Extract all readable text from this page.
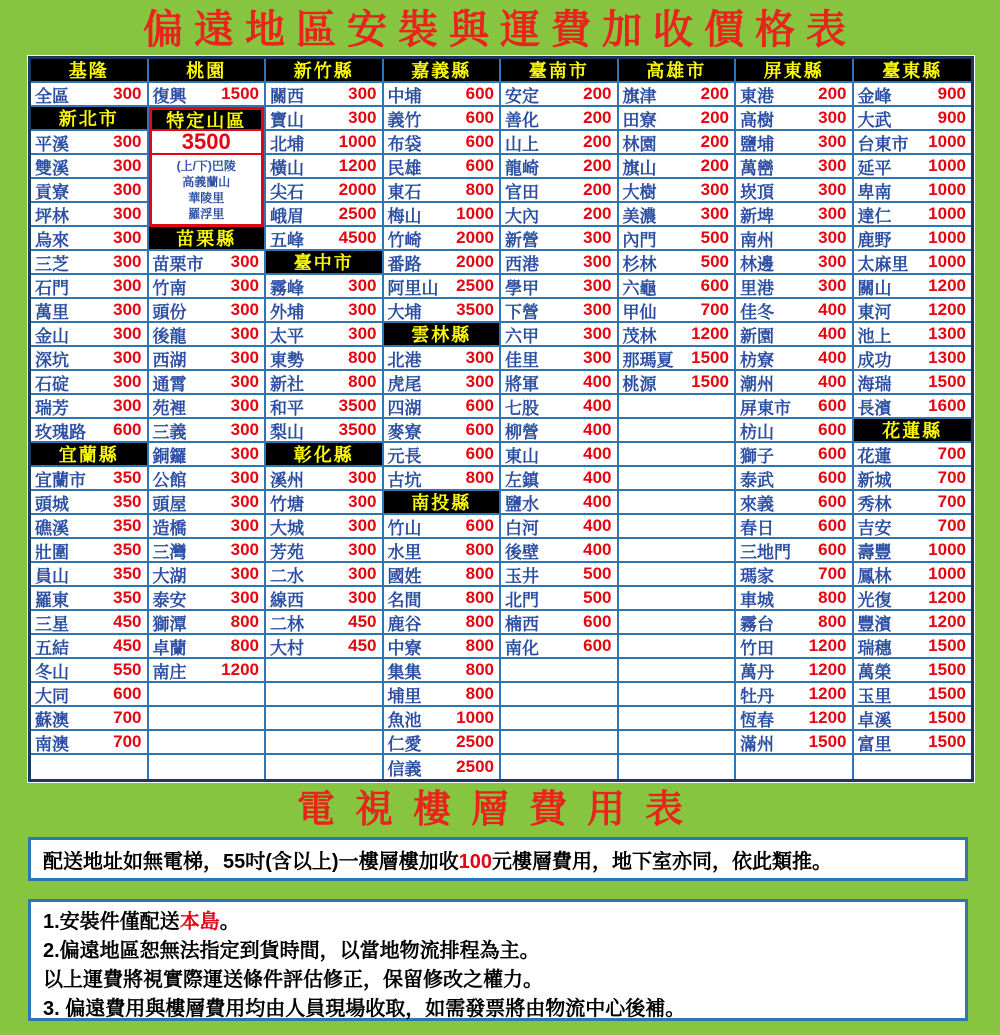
偏遠地區安裝與運費加收價格表
基隆
全區	300
新北市
平溪	300
雙溪	300
貢寮	300
坪林	300
烏來	300
三芝	300
石門	300
萬里	300
金山	300
深坑	300
石碇	300
瑞芳	300
玫瑰路 600
宜蘭縣
宜蘭市 350
頭城	350
礁溪	350
壯圍	350
員山	350
羅東	350
三星	450
五結	450
冬山	550
大同	600
蘇澳	700
南澳	700
桃園
復興 1500
特定山區
3500
(上/下)巴陵
高義蘭山
華陵里
羅浮里
苗栗縣
苗栗市 300
竹南	300
頭份	300
後龍	300
西湖	300
通霄	300
苑裡	300
三義	300
銅鑼	300
公館	300
頭屋	300
造橋	300
三灣	300
大湖	300
泰安	300
獅潭	800
卓蘭	800
南庄 1200
新竹縣
關西	300
寶山	300
北埔 1000
橫山 1200
尖石 2000
峨眉 2500
五峰 4500
臺中市
霧峰	300
外埔	300
太平	300
東勢	800
新社	800
和平 3500
梨山 3500
彰化縣
溪州	300
竹塘	300
大城	300
芳苑	300
二水	300
線西	300
二林	450
大村	450
嘉義縣
中埔	600
義竹	600
布袋	600
民雄	600
東石	800
梅山 1000
竹崎 2000
番路 2000
阿里山 2500
大埔 3500
雲林縣
北港	300
虎尾	300
四湖	600
麥寮	600
元長	600
古坑	800
南投縣
竹山	600
水里	800
國姓	800
名間	800
鹿谷	800
中寮	800
集集	800
埔里	800
魚池 1000
仁愛 2500
信義 2500
臺南市
安定	200
善化	200
山上	200
龍崎	200
官田	200
大內	200
新營	300
西港	300
學甲	300
下營	300
六甲	300
佳里	300
將軍	400
七股	400
柳營	400
東山	400
左鎮	400
鹽水	400
白河	400
後壁	400
玉井	500
北門	500
楠西	600
南化	600
高雄市
旗津	200
田寮	200
林園	200
旗山	200
大樹	300
美濃	300
內門	500
杉林	500
六龜	600
甲仙	700
茂林 1200
那瑪夏 1500
桃源 1500
屏東縣
東港	200
高樹	300
鹽埔	300
萬巒	300
崁頂	300
新埤	300
南州	300
林邊	300
里港	300
佳冬	400
新園	400
枋寮	400
潮州	400
屏東市 600
枋山	600
獅子	600
泰武	600
來義	600
春日	600
三地門 600
瑪家	700
車城	800
霧台	800
竹田 1200
萬丹 1200
牡丹 1200
恆春 1200
滿州 1500
臺東縣
金峰	900
大武	900
台東市 1000
延平 1000
卑南 1000
達仁 1000
鹿野 1000
太麻里 1000
關山 1200
東河 1200
池上 1300
成功 1300
海瑞 1500
長濱 1600
花蓮縣
花蓮	700
新城	700
秀林	700
吉安	700
壽豐 1000
鳳林 1000
光復 1200
豐濱 1200
瑞穗 1500
萬榮 1500
玉里 1500
卓溪 1500
富里 1500
電視樓層費用表
配送地址如無電梯，55吋(含以上)一樓層樓加收100元樓層費用，地下室亦同，依此類推。
1.安裝件僅配送本島。
2.偏遠地區恕無法指定到貨時間，以當地物流排程為主。
以上運費將視實際運送條件評估修正，保留修改之權力。
3. 偏遠費用與樓層費用均由人員現場收取，如需發票將由物流中心後補。
